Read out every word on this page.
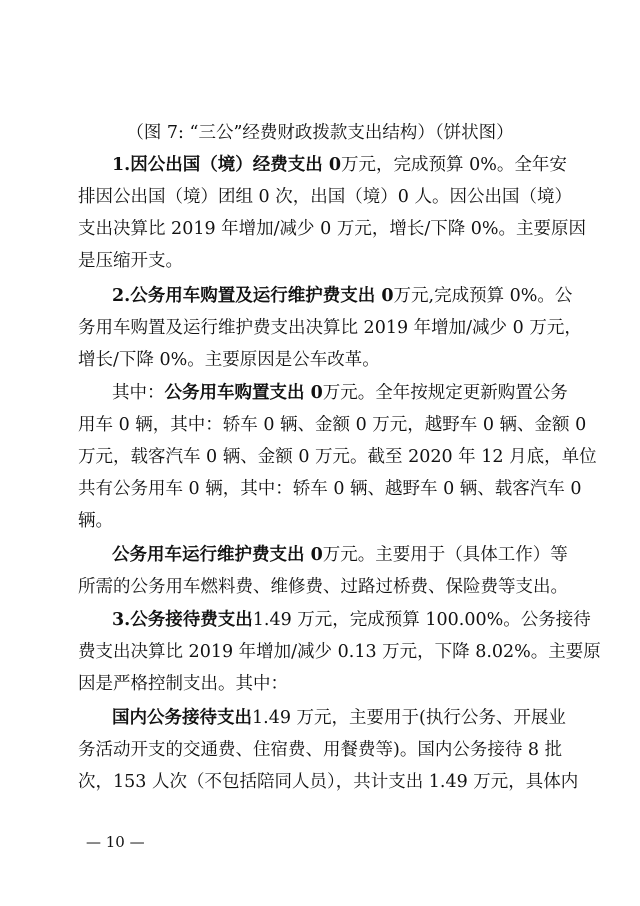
（图 7: “三公”经费财政拨款支出结构）（饼状图）
1.因公出国（境）经费支出 0万元，完成预算 0%。全年安
排因公出国（境）团组 0 次，出国（境）0 人。因公出国（境）
支出决算比 2019 年增加/减少 0 万元，增长/下降 0%。主要原因
是压缩开支。
2.公务用车购置及运行维护费支出 0万元,完成预算 0%。公
务用车购置及运行维护费支出决算比 2019 年增加/减少 0 万元，
增长/下降 0%。主要原因是公车改革。
其中：公务用车购置支出 0万元。全年按规定更新购置公务
用车 0 辆，其中：轿车 0 辆、金额 0 万元，越野车 0 辆、金额 0
万元，载客汽车 0 辆、金额 0 万元。截至 2020 年 12 月底，单位
共有公务用车 0 辆，其中：轿车 0 辆、越野车 0 辆、载客汽车 0
辆。
公务用车运行维护费支出 0万元。主要用于（具体工作）等
所需的公务用车燃料费、维修费、过路过桥费、保险费等支出。
3.公务接待费支出1.49 万元，完成预算 100.00%。公务接待
费支出决算比 2019 年增加/减少 0.13 万元，下降 8.02%。主要原
因是严格控制支出。其中：
国内公务接待支出1.49 万元，主要用于(执行公务、开展业
务活动开支的交通费、住宿费、用餐费等)。国内公务接待 8 批
次，153 人次（不包括陪同人员），共计支出 1.49 万元，具体内
— 10 —
